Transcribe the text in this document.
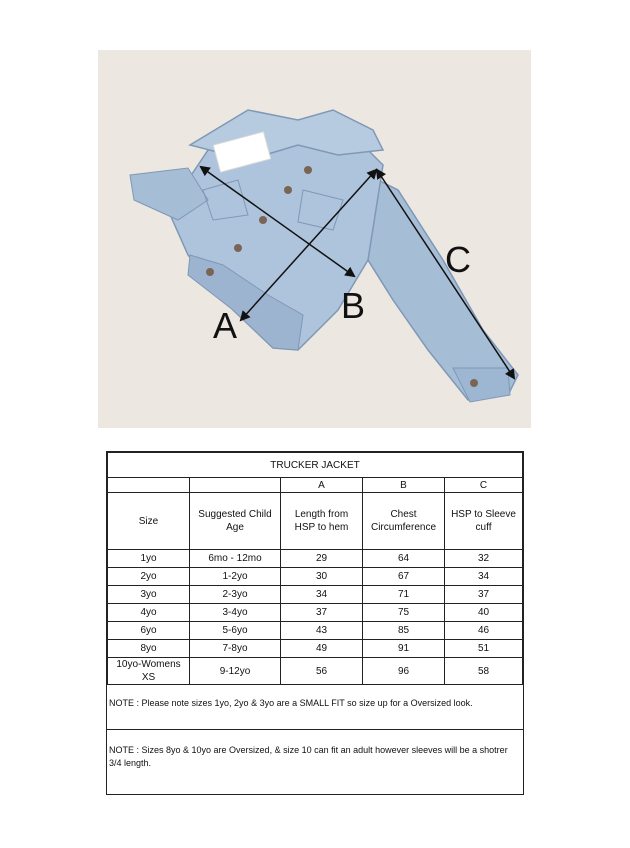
A	B
C
TRUCKER JACKET				
		A	B	C
Size	Suggested Child Age	Length from HSP to hem	Chest Circumference	HSP to Sleeve cuff
1yo	6mo - 12mo	29	64	32
2yo	1-2yo	30	67	34
3yo	2-3yo	34	71	37
4yo	3-4yo	37	75	40
6yo	5-6yo	43	85	46
8yo	7-8yo	49	91	51
10yo-Womens XS	9-12yo	56	96	58
NOTE : Please note sizes 1yo, 2yo & 3yo are a SMALL FIT so size up for a Oversized look.
NOTE : Sizes 8yo & 10yo are Oversized, & size 10 can fit an adult however sleeves will be a shotrer 3/4 length.
